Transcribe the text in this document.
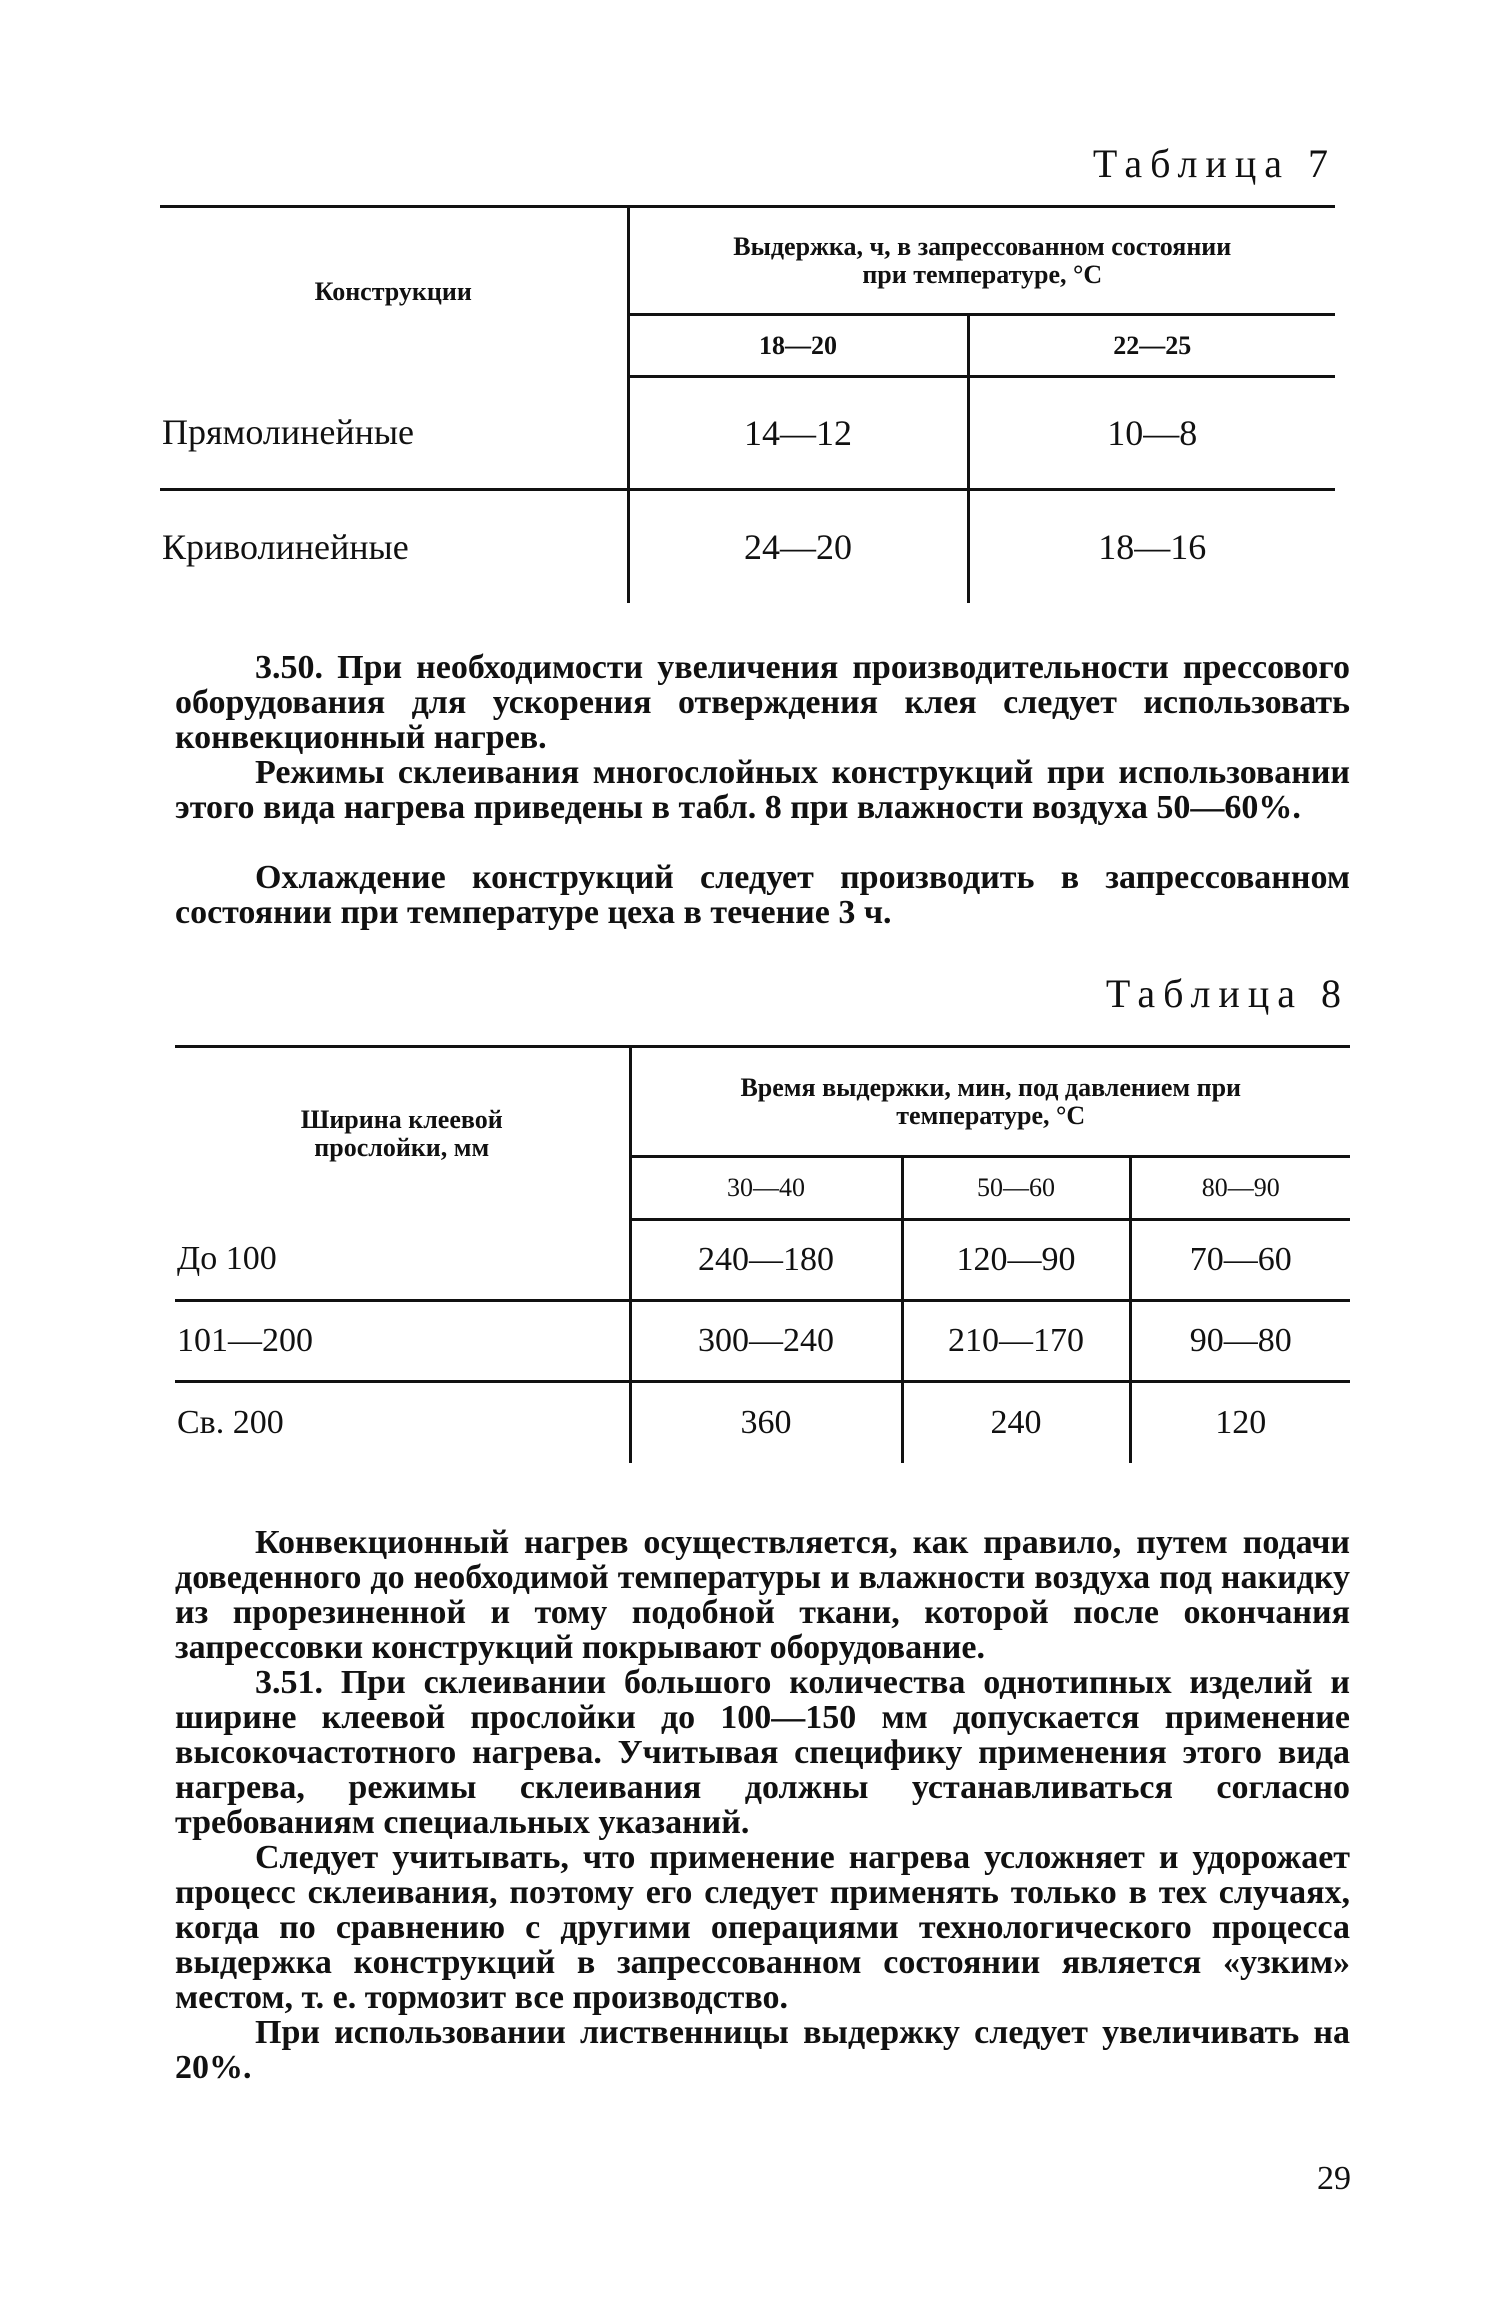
Таблица 7
Конструкции	Выдержка, ч, в запрессованном состоянии
при температуре, °С	
	18—20	22—25
Прямолинейные	14—12	10—8
Криволинейные	24—20	18—16

3.50. При необходимости увеличения производительности прессового оборудования для ускорения отверждения клея следует использовать конвекционный нагрев.

Режимы склеивания многослойных конструкций при использовании этого вида нагрева приведены в табл. 8 при влажности воздуха 50—60%.

Охлаждение конструкций следует производить в запрессованном состоянии при температуре цеха в течение 3 ч.

Таблица 8
Ширина клеевой
прослойки, мм	Время выдержки, мин, под давлением при
температуре, °С		
	30—40	50—60	80—90
До 100	240—180	120—90	70—60
101—200	300—240	210—170	90—80
Св. 200	360	240	120

Конвекционный нагрев осуществляется, как правило, путем подачи доведенного до необходимой температуры и влажности воздуха под накидку из прорезиненной и тому подобной ткани, которой после окончания запрессовки конструкций покрывают оборудование.

3.51. При склеивании большого количества однотипных изделий и ширине клеевой прослойки до 100—150 мм допускается применение высокочастотного нагрева. Учитывая специфику применения этого вида нагрева, режимы склеивания должны устанавливаться согласно требованиям специальных указаний.

Следует учитывать, что применение нагрева усложняет и удорожает процесс склеивания, поэтому его следует применять только в тех случаях, когда по сравнению с другими операциями технологического процесса выдержка конструкций в запрессованном состоянии является «узким» местом, т. е. тормозит все производство.

При использовании лиственницы выдержку следует увеличивать на 20%.

29
